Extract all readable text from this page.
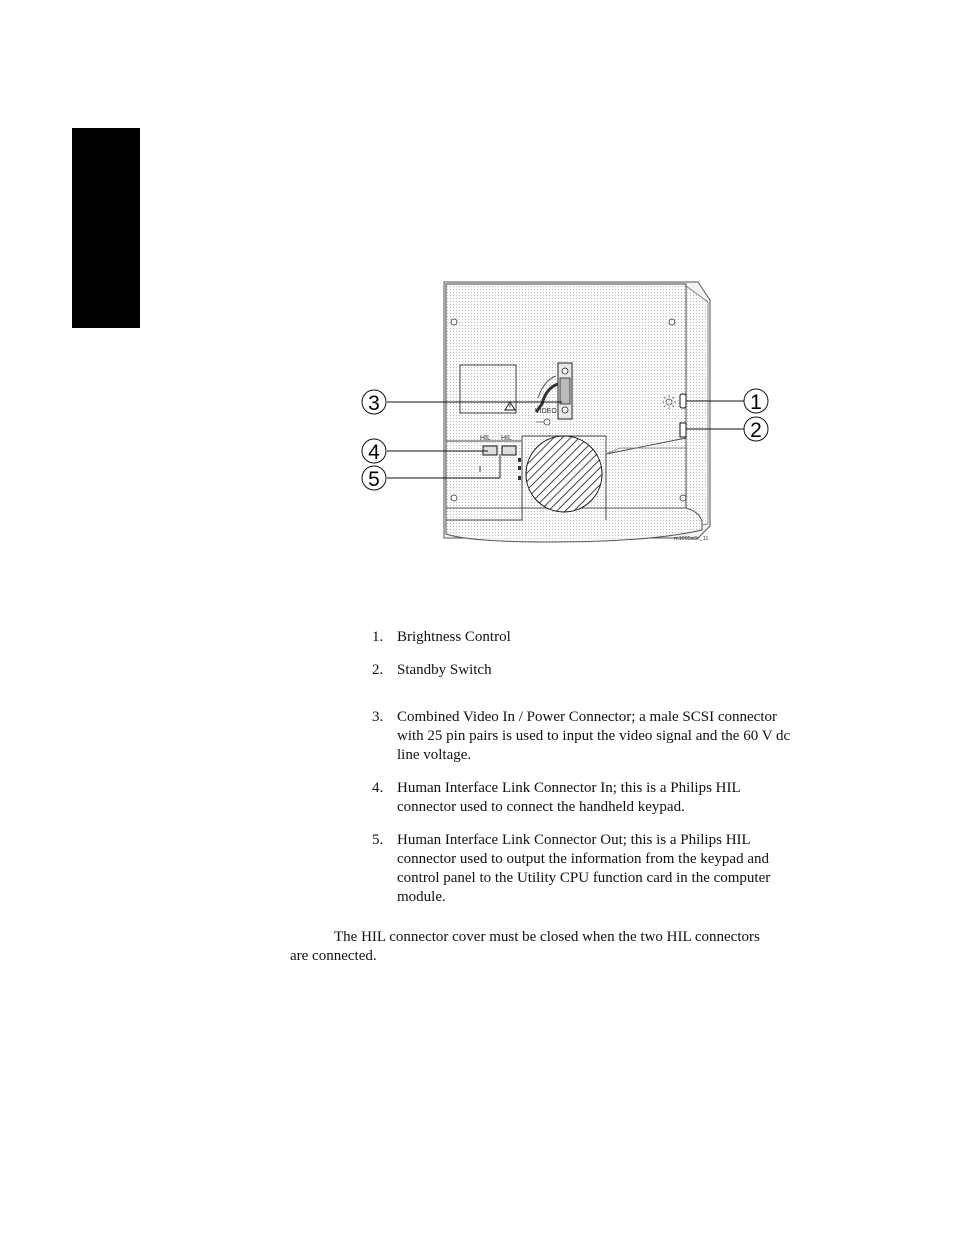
VIDEO
HIL HIL
1
2
3
4
5
m1095a3c_11
1. Brightness Control
2. Standby Switch
3. Combined Video In / Power Connector; a male SCSI connector with 25 pin pairs is used to input the video signal and the 60 V dc line voltage.
4. Human Interface Link Connector In; this is a Philips HIL connector used to connect the handheld keypad.
5. Human Interface Link Connector Out; this is a Philips HIL connector used to output the information from the keypad and control panel to the Utility CPU function card in the computer module.

The HIL connector cover must be closed when the two HIL connectors are connected.
